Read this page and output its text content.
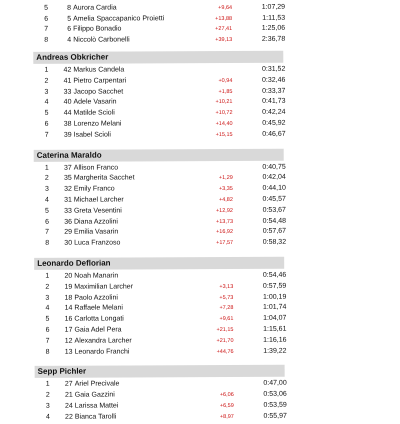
5	8 Aurora Cardia	+9,64	1:07,29
6	5 Amelia Spaccapanico Proietti	+13,88	1:11,53
7	6 Filippo Bonadio	+27,41	1:25,06
8	4 Niccolò Carbonelli	+39,13	2:36,78
Andreas Obkricher
1	42 Markus Candela	0:31,52
2	41 Pietro Carpentari	+0,94	0:32,46
3	33 Jacopo Sacchet	+1,85	0:33,37
4	40 Adele Vasarin	+10,21	0:41,73
5	44 Matilde Scioli	+10,72	0:42,24
6	38 Lorenzo Melani	+14,40	0:45,92
7	39 Isabel Scioli	+15,15	0:46,67
Caterina Maraldo
1	37 Allison Franco	0:40,75
2	35 Margherita Sacchet	+1,29	0:42,04
3	32 Emily Franco	+3,35	0:44,10
4	31 Michael Larcher	+4,82	0:45,57
5	33 Greta Vesentini	+12,92	0:53,67
6	36 Diana Azzolini	+13,73	0:54,48
7	29 Emilia Vasarin	+16,92	0:57,67
8	30 Luca Franzoso	+17,57	0:58,32
Leonardo Deflorian
1	20 Noah Manarin	0:54,46
2	19 Maximilian Larcher	+3,13	0:57,59
3	18 Paolo Azzolini	+5,73	1:00,19
4	14 Raffaele Melani	+7,28	1:01,74
5	16 Carlotta Longati	+9,61	1:04,07
6	17 Gaia Adel Pera	+21,15	1:15,61
7	12 Alexandra Larcher	+21,70	1:16,16
8	13 Leonardo Franchi	+44,76	1:39,22
Sepp Pichler
1	27 Ariel Precivale	0:47,00
2	21 Gaia Gazzini	+6,06	0:53,06
3	24 Larissa Mattei	+6,59	0:53,59
4	22 Bianca Tarolli	+8,97	0:55,97
